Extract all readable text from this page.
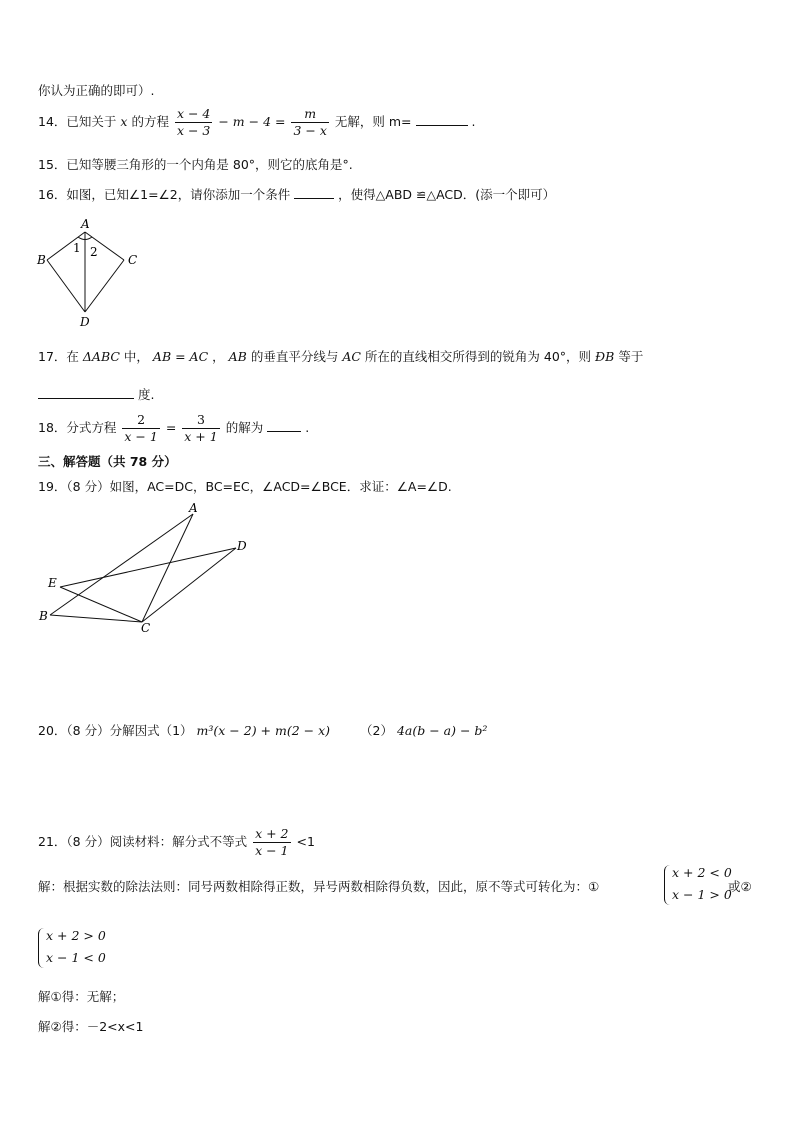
你认为正确的即可）.
14．已知关于 x 的方程 $\frac{x - 4}{x - 3} - m - 4 = \frac{m}{3 - x}$ 无解，则 m=	.
15．已知等腰三角形的一个内角是 80°，则它的底角是°.
16．如图，已知∠1=∠2，请你添加一个条件	，使得△ABD ≌△ACD．(添一个即可）
A
B	C
D
1 2
17．在 ΔABC 中， AB = AC ， AB 的垂直平分线与 AC 所在的直线相交所得到的锐角为 40°，则 ÐB 等于
度.
18．分式方程 $\frac{2}{x - 1} = \frac{3}{x + 1}$ 的解为	.
三、解答题（共 78 分）
19．（8 分）如图，AC=DC，BC=EC，∠ACD=∠BCE．求证：∠A=∠D.
A
D
E
B
C
20．（8 分）分解因式（1） m³(x − 2) + m(2 − x) （2） 4a(b − a) − b²
21．（8 分）阅读材料：解分式不等式 $\frac{x + 2}{x - 1} <1$
解：根据实数的除法法则：同号两数相除得正数，异号两数相除得负数，因此，原不等式可转化为：①
x + 2 < 0
x − 1 > 0
或②
x + 2 > 0
x − 1 < 0
解①得：无解；
解②得：－2<x<1
